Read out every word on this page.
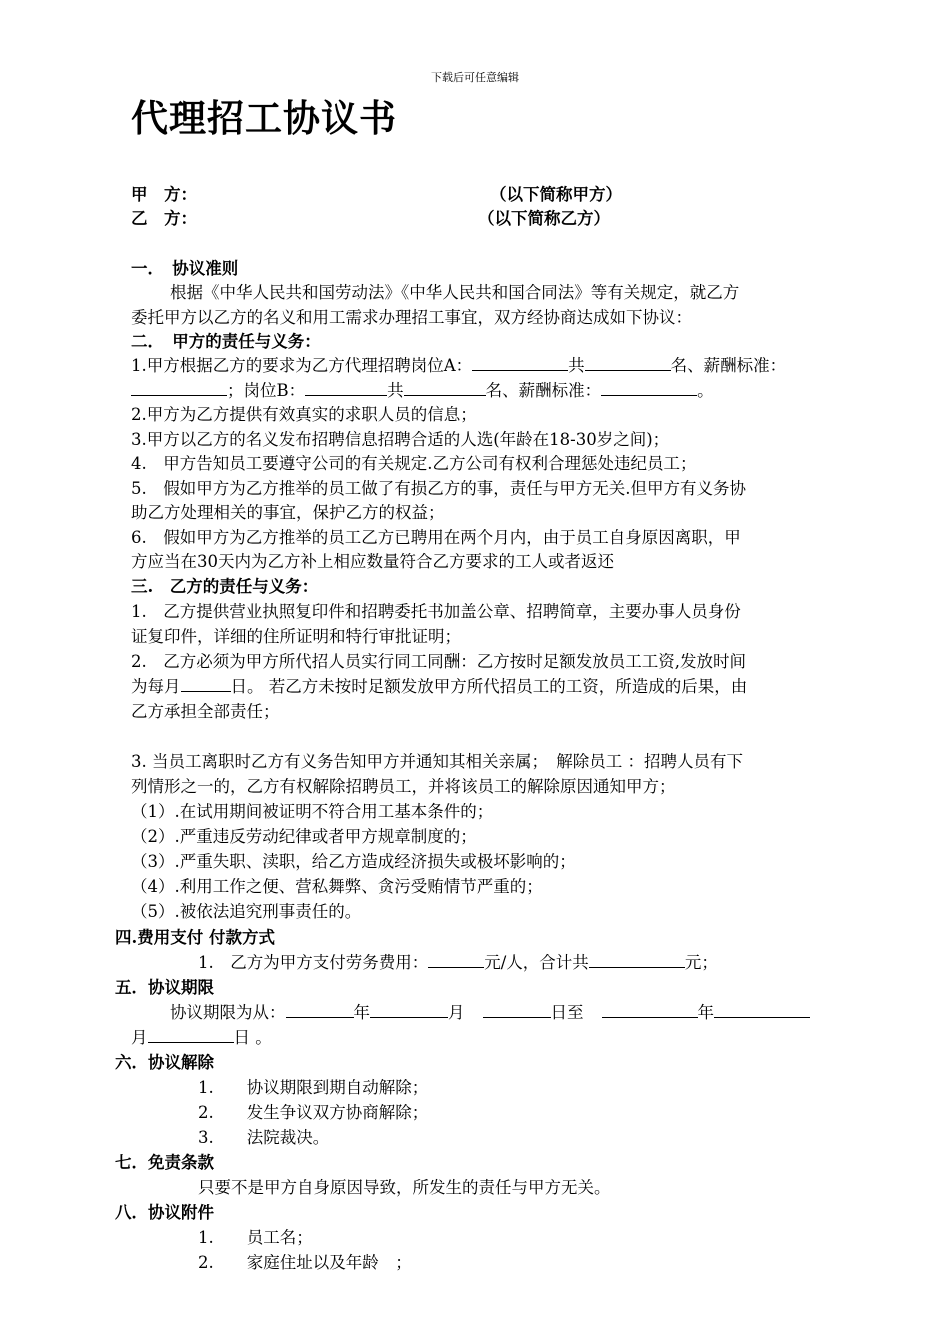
下载后可任意编辑
代理招工协议书
甲　方：	（以下简称甲方）
乙　方：	（以下简称乙方）
一．　协议准则
根据《中华人民共和国劳动法》《中华人民共和国合同法》等有关规定，就乙方
委托甲方以乙方的名义和用工需求办理招工事宜，双方经协商达成如下协议：
二．　甲方的责任与义务：
1.甲方根据乙方的要求为乙方代理招聘岗位A：	共	名、薪酬标准：
；岗位B：	共	名、薪酬标准：	。
2.甲方为乙方提供有效真实的求职人员的信息；
3.甲方以乙方的名义发布招聘信息招聘合适的人选(年龄在18-30岁之间)；
4.　甲方告知员工要遵守公司的有关规定.乙方公司有权利合理惩处违纪员工；
5.　假如甲方为乙方推举的员工做了有损乙方的事，责任与甲方无关.但甲方有义务协
助乙方处理相关的事宜，保护乙方的权益；
6.　假如甲方为乙方推举的员工乙方已聘用在两个月内，由于员工自身原因离职，甲
方应当在30天内为乙方补上相应数量符合乙方要求的工人或者返还
三.　乙方的责任与义务：
1.　乙方提供营业执照复印件和招聘委托书加盖公章、招聘简章，主要办事人员身份
证复印件，详细的住所证明和特行审批证明；
2.　乙方必须为甲方所代招人员实行同工同酬：乙方按时足额发放员工工资,发放时间
为每月	日。 若乙方未按时足额发放甲方所代招员工的工资，所造成的后果，由
乙方承担全部责任；
3. 当员工离职时乙方有义务告知甲方并通知其相关亲属；　解除员工 ：招聘人员有下
列情形之一的，乙方有权解除招聘员工，并将该员工的解除原因通知甲方；
（1）.在试用期间被证明不符合用工基本条件的；
（2）.严重违反劳动纪律或者甲方规章制度的；
（3）.严重失职、渎职，给乙方造成经济损失或极坏影响的；
（4）.利用工作之便、营私舞弊、贪污受贿情节严重的；
（5）.被依法追究刑事责任的。
四.费用支付 付款方式
1.　乙方为甲方支付劳务费用：	元/人，合计共	元；
五．协议期限
协议期限为从：	年	月	日至	年
月	日 。
六．协议解除
1.　　协议期限到期自动解除；
2.　　发生争议双方协商解除；
3.　　法院裁决。
七．免责条款
只要不是甲方自身原因导致，所发生的责任与甲方无关。
八．协议附件
1.　　员工名；
2.　　家庭住址以及年龄　；
